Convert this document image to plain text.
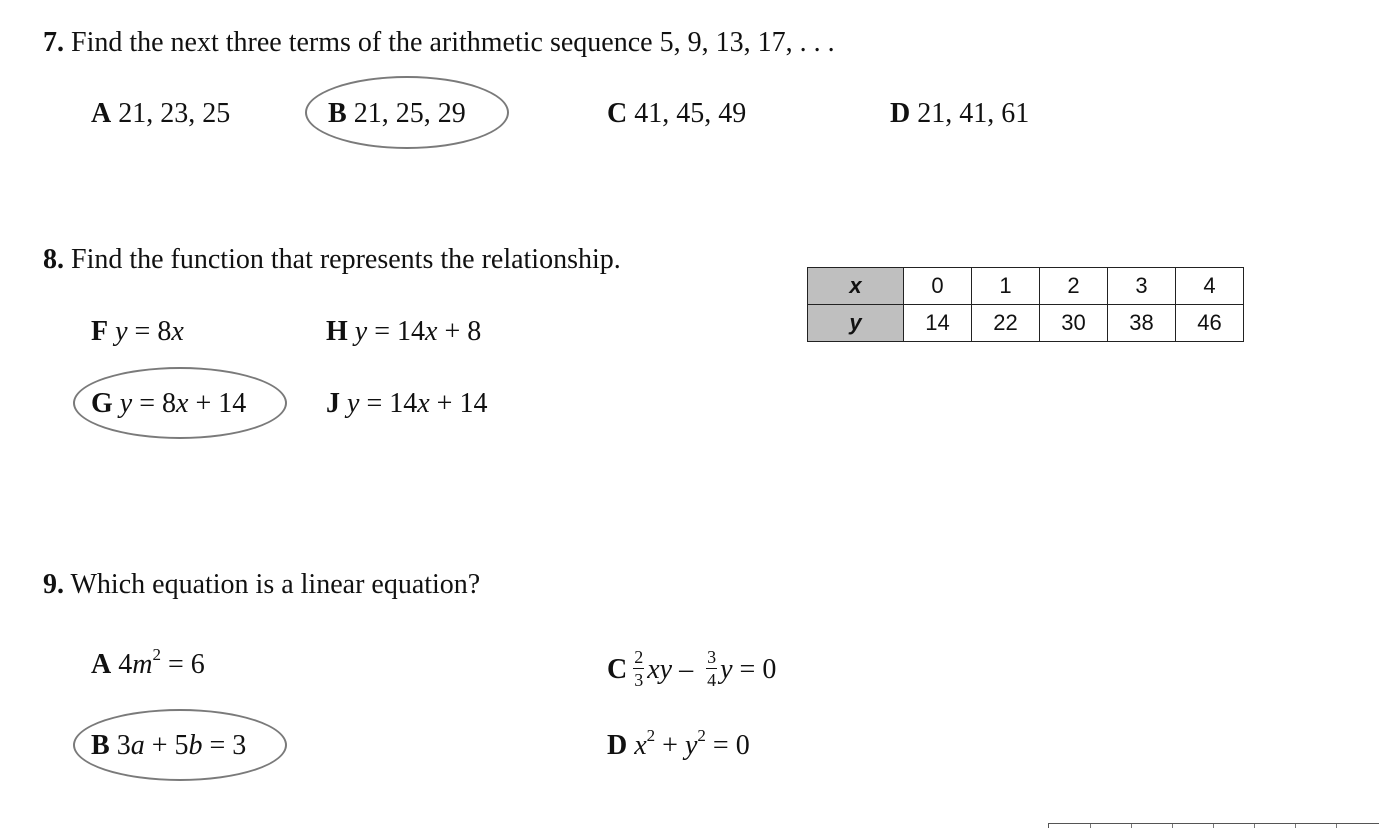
7. Find the next three terms of the arithmetic sequence 5, 9, 13, 17, . . .
A 21, 23, 25	B 21, 25, 29	C 41, 45, 49	D 21, 41, 61
8. Find the function that represents the relationship.
F y = 8x	H y = 14x + 8
G y = 8x + 14	J y = 14x + 14
x	0	1	2	3	4
y	14	22	30	38	46
9. Which equation is a linear equation?
A $4m^2 = 6$	C $\frac{2}{3}$ xy – $\frac{3}{4}$ y = 0
B 3a + 5b = 3	D $x^2 + y^2 = 0$
